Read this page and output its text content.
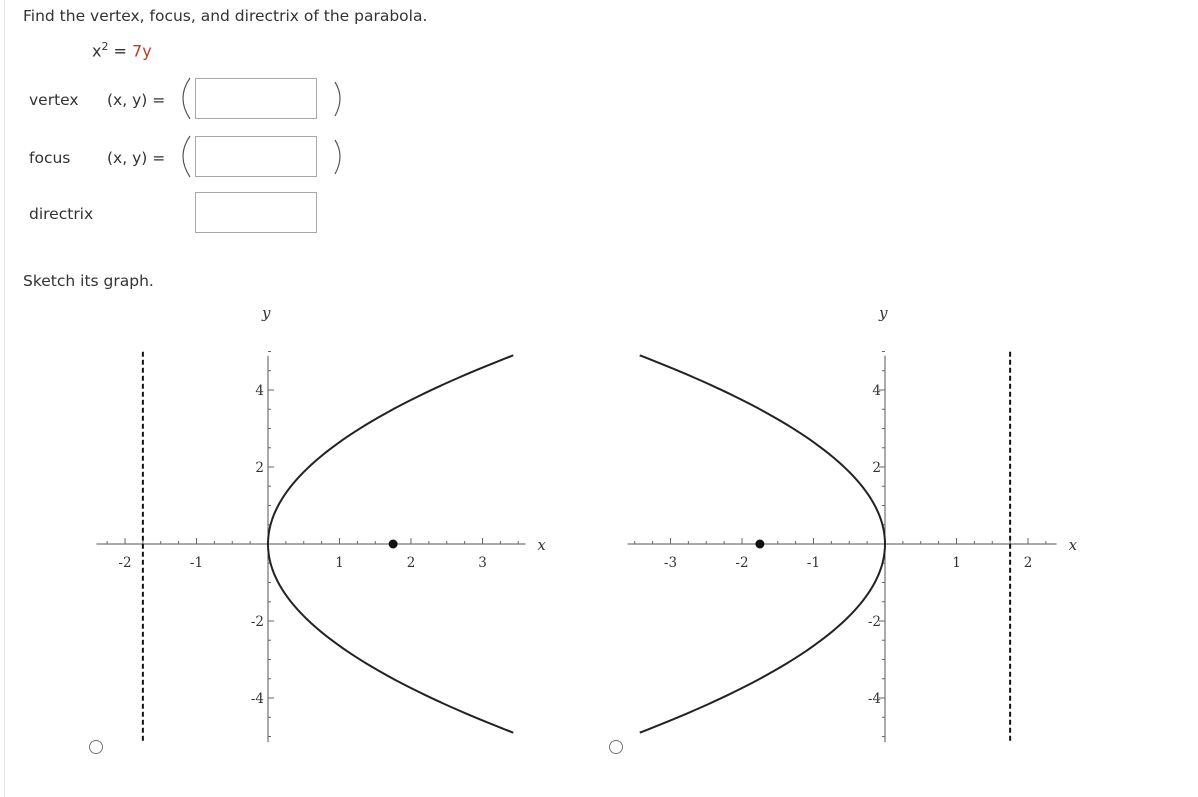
Find the vertex, focus, and directrix of the parabola.
$x^2 = 7y$
vertex (x, y) =
focus (x, y) =
directrix
Sketch its graph.
x
y
-2	-1	1	2	3
4
2
-2
-4
x
y
-3	-2	-1	1	2
4
2
-2
-4
